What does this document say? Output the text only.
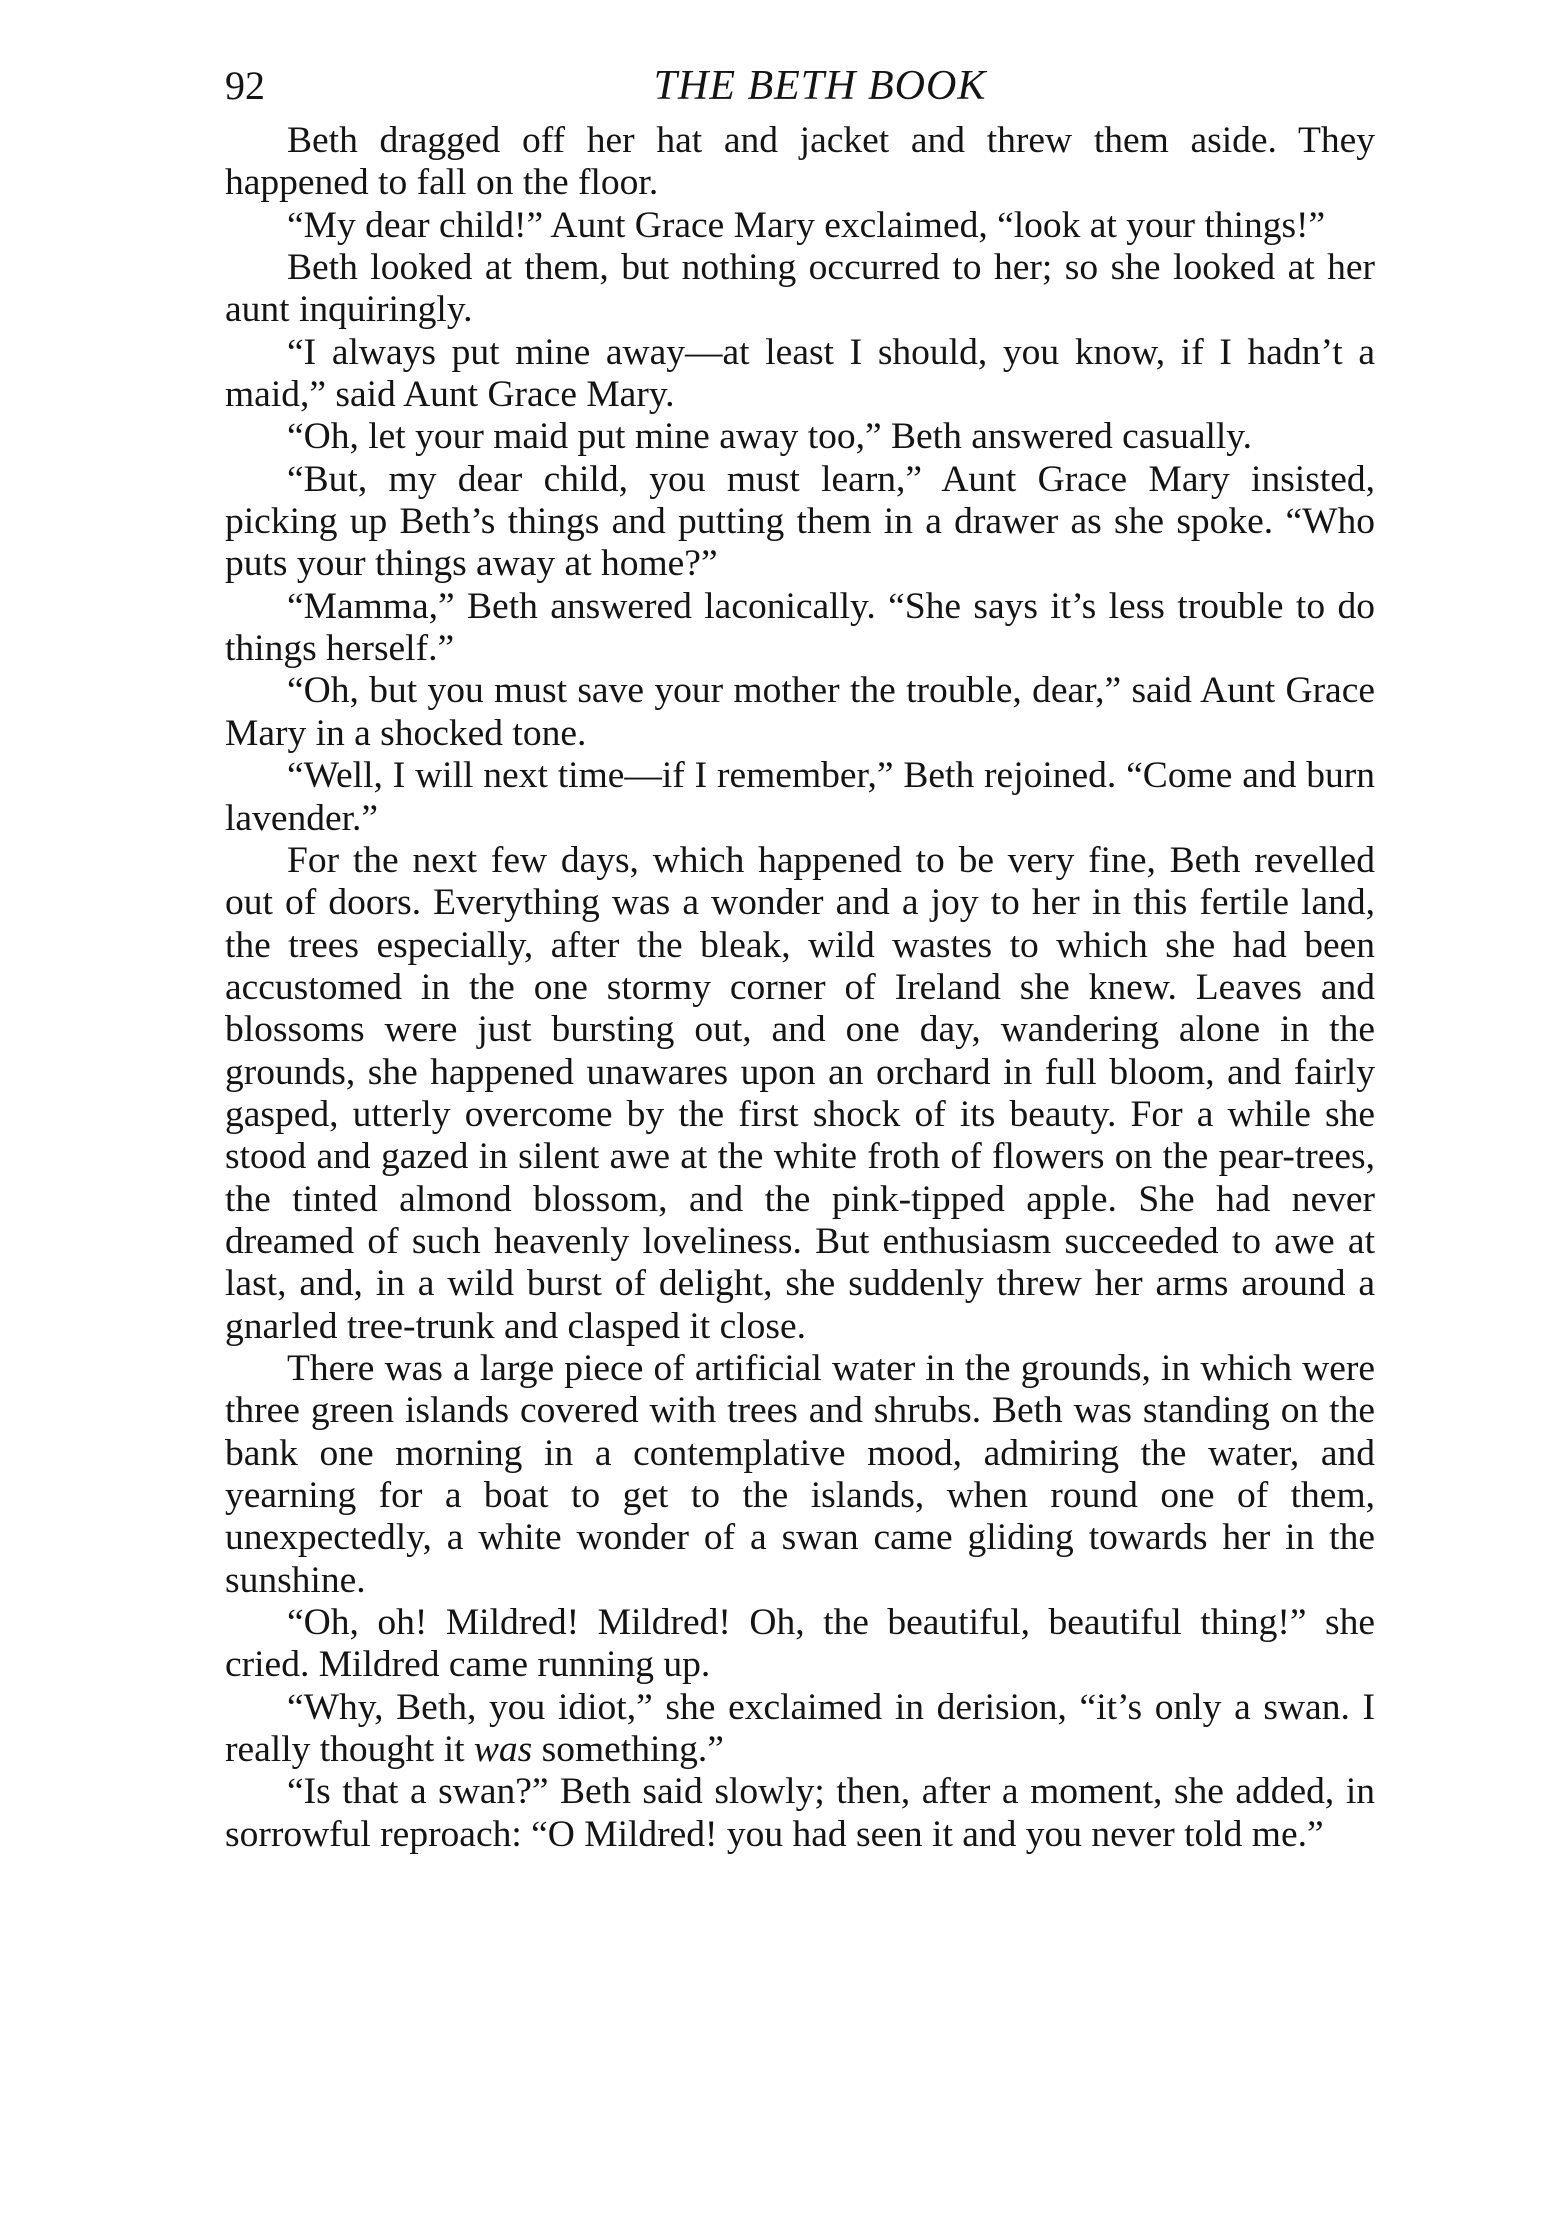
92	THE BETH BOOK

Beth dragged off her hat and jacket and threw them aside. They happened to fall on the floor.

“My dear child!” Aunt Grace Mary exclaimed, “look at your things!”

Beth looked at them, but nothing occurred to her; so she looked at her aunt inquiringly.

“I always put mine away—at least I should, you know, if I hadn’t a maid,” said Aunt Grace Mary.

“Oh, let your maid put mine away too,” Beth answered casually.

“But, my dear child, you must learn,” Aunt Grace Mary insisted, picking up Beth’s things and putting them in a drawer as she spoke. “Who puts your things away at home?”

“Mamma,” Beth answered laconically. “She says it’s less trouble to do things herself.”

“Oh, but you must save your mother the trouble, dear,” said Aunt Grace Mary in a shocked tone.

“Well, I will next time—if I remember,” Beth rejoined. “Come and burn lavender.”

For the next few days, which happened to be very fine, Beth revelled out of doors. Everything was a wonder and a joy to her in this fertile land, the trees especially, after the bleak, wild wastes to which she had been accustomed in the one stormy corner of Ireland she knew. Leaves and blossoms were just bursting out, and one day, wandering alone in the grounds, she happened unawares upon an orchard in full bloom, and fairly gasped, utterly overcome by the first shock of its beauty. For a while she stood and gazed in silent awe at the white froth of flowers on the pear-trees, the tinted almond blossom, and the pink-tipped apple. She had never dreamed of such heavenly loveliness. But enthusiasm succeeded to awe at last, and, in a wild burst of delight, she suddenly threw her arms around a gnarled tree-trunk and clasped it close.

There was a large piece of artificial water in the grounds, in which were three green islands covered with trees and shrubs. Beth was standing on the bank one morning in a contemplative mood, admiring the water, and yearning for a boat to get to the islands, when round one of them, unexpectedly, a white wonder of a swan came gliding towards her in the sunshine.

“Oh, oh! Mildred! Mildred! Oh, the beautiful, beautiful thing!” she cried. Mildred came running up.

“Why, Beth, you idiot,” she exclaimed in derision, “it’s only a swan. I really thought it was something.”

“Is that a swan?” Beth said slowly; then, after a moment, she added, in sorrowful reproach: “O Mildred! you had seen it and you never told me.”
